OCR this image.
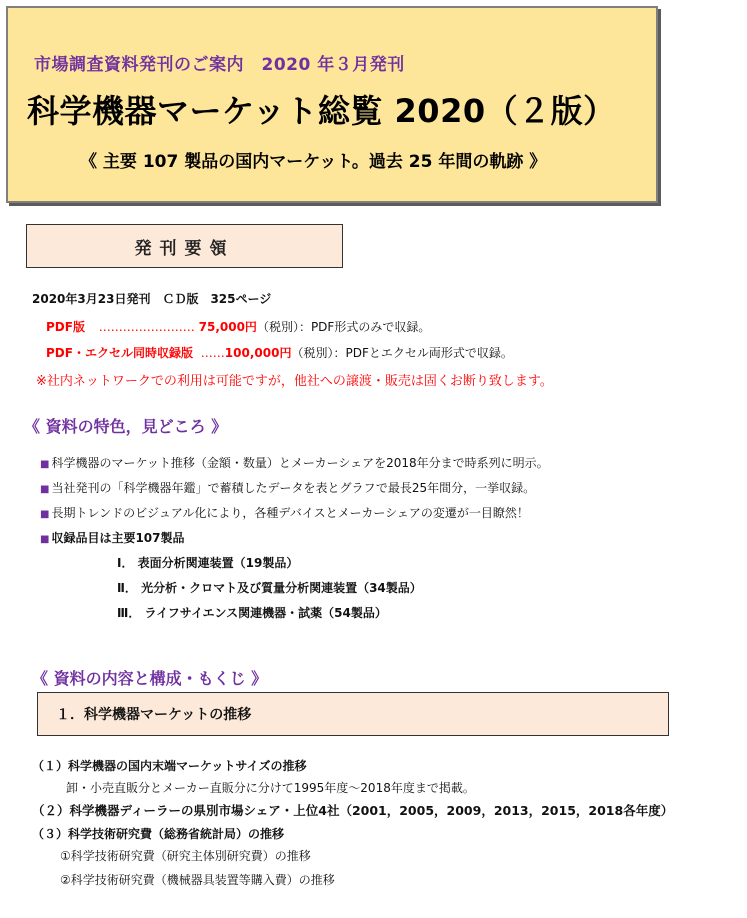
市場調査資料発刊のご案内　2020 年３月発刊
科学機器マーケット総覧 2020（２版）
《 主要 107 製品の国内マーケット。過去 25 年間の軌跡 》
発刊要領
2020年3月23日発刊　ＣＤ版　325ページ
PDF版 …………………… 75,000円（税別）：PDF形式のみで収録。
PDF・エクセル同時収録版 ……100,000円（税別）：PDFとエクセル両形式で収録。
※社内ネットワークでの利用は可能ですが，他社への譲渡・販売は固くお断り致します。
《 資料の特色，見どころ 》
■ 科学機器のマーケット推移（金額・数量）とメーカーシェアを2018年分まで時系列に明示。
■ 当社発刊の「科学機器年鑑」で蓄積したデータを表とグラフで最長25年間分，一挙収録。
■ 長期トレンドのビジュアル化により，各種デバイスとメーカーシェアの変遷が一目瞭然！
■ 収録品目は主要107製品
Ⅰ． 表面分析関連装置（19製品）
Ⅱ． 光分析・クロマト及び質量分析関連装置（34製品）
Ⅲ． ライフサイエンス関連機器・試薬（54製品）
《 資料の内容と構成・もくじ 》
１．科学機器マーケットの推移
（１）科学機器の国内末端マーケットサイズの推移
卸・小売直販分とメーカー直販分に分けて1995年度～2018年度まで掲載。
（２）科学機器ディーラーの県別市場シェア・上位4社（2001，2005，2009，2013，2015，2018各年度）
（３）科学技術研究費（総務省統計局）の推移
①科学技術研究費（研究主体別研究費）の推移
②科学技術研究費（機械器具装置等購入費）の推移
